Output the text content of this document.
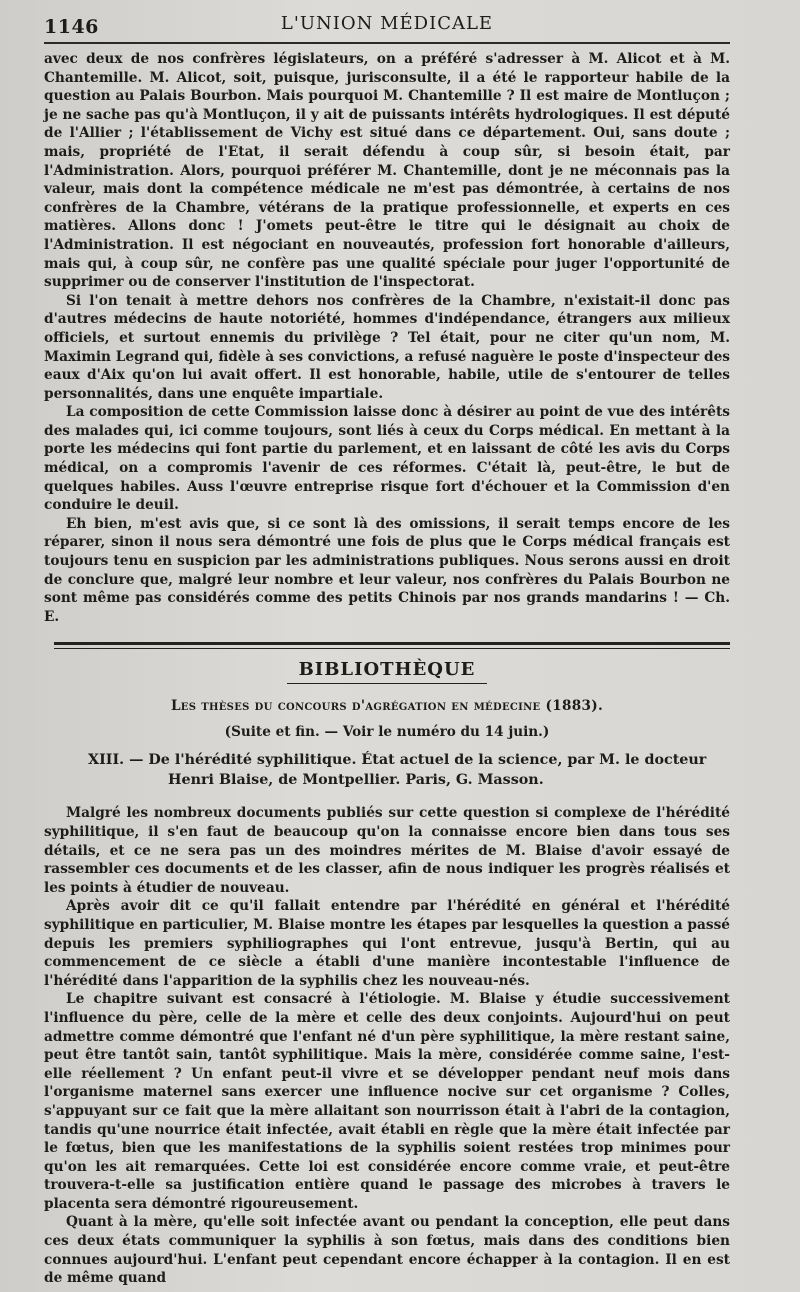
1146	L'UNION MÉDICALE

avec deux de nos confrères législateurs, on a préféré s'adresser à M. Alicot et à M. Chantemille. M. Alicot, soit, puisque, jurisconsulte, il a été le rapporteur habile de la question au Palais Bourbon. Mais pourquoi M. Chantemille ? Il est maire de Montluçon ; je ne sache pas qu'à Montluçon, il y ait de puissants intérêts hydrologiques. Il est député de l'Allier ; l'établissement de Vichy est situé dans ce département. Oui, sans doute ; mais, propriété de l'Etat, il serait défendu à coup sûr, si besoin était, par l'Administration. Alors, pourquoi préférer M. Chantemille, dont je ne méconnais pas la valeur, mais dont la compétence médicale ne m'est pas démontrée, à certains de nos confrères de la Chambre, vétérans de la pratique professionnelle, et experts en ces matières. Allons donc ! J'omets peut-être le titre qui le désignait au choix de l'Administration. Il est négociant en nouveautés, profession fort honorable d'ailleurs, mais qui, à coup sûr, ne confère pas une qualité spéciale pour juger l'opportunité de supprimer ou de conserver l'institution de l'inspectorat.

Si l'on tenait à mettre dehors nos confrères de la Chambre, n'existait-il donc pas d'autres médecins de haute notoriété, hommes d'indépendance, étrangers aux milieux officiels, et surtout ennemis du privilège ? Tel était, pour ne citer qu'un nom, M. Maximin Legrand qui, fidèle à ses convictions, a refusé naguère le poste d'inspecteur des eaux d'Aix qu'on lui avait offert. Il est honorable, habile, utile de s'entourer de telles personnalités, dans une enquête impartiale.

La composition de cette Commission laisse donc à désirer au point de vue des intérêts des malades qui, ici comme toujours, sont liés à ceux du Corps médical. En mettant à la porte les médecins qui font partie du parlement, et en laissant de côté les avis du Corps médical, on a compromis l'avenir de ces réformes. C'était là, peut-être, le but de quelques habiles. Auss l'œuvre entreprise risque fort d'échouer et la Commission d'en conduire le deuil.

Eh bien, m'est avis que, si ce sont là des omissions, il serait temps encore de les réparer, sinon il nous sera démontré une fois de plus que le Corps médical français est toujours tenu en suspicion par les administrations publiques. Nous serons aussi en droit de conclure que, malgré leur nombre et leur valeur, nos confrères du Palais Bourbon ne sont même pas considérés comme des petits Chinois par nos grands mandarins ! — Ch. E.

BIBLIOTHÈQUE
Les thèses du concours d'agrégation en médecine (1883).
(Suite et fin. — Voir le numéro du 14 juin.)
XIII. — De l'hérédité syphilitique. État actuel de la science, par M. le docteur
Henri Blaise, de Montpellier. Paris, G. Masson.

Malgré les nombreux documents publiés sur cette question si complexe de l'hérédité syphilitique, il s'en faut de beaucoup qu'on la connaisse encore bien dans tous ses détails, et ce ne sera pas un des moindres mérites de M. Blaise d'avoir essayé de rassembler ces documents et de les classer, afin de nous indiquer les progrès réalisés et les points à étudier de nouveau.

Après avoir dit ce qu'il fallait entendre par l'hérédité en général et l'hérédité syphilitique en particulier, M. Blaise montre les étapes par lesquelles la question a passé depuis les premiers syphiliographes qui l'ont entrevue, jusqu'à Bertin, qui au commencement de ce siècle a établi d'une manière incontestable l'influence de l'hérédité dans l'apparition de la syphilis chez les nouveau-nés.

Le chapitre suivant est consacré à l'étiologie. M. Blaise y étudie successivement l'influence du père, celle de la mère et celle des deux conjoints. Aujourd'hui on peut admettre comme démontré que l'enfant né d'un père syphilitique, la mère restant saine, peut être tantôt sain, tantôt syphilitique. Mais la mère, considérée comme saine, l'est-elle réellement ? Un enfant peut-il vivre et se développer pendant neuf mois dans l'organisme maternel sans exercer une influence nocive sur cet organisme ? Colles, s'appuyant sur ce fait que la mère allaitant son nourrisson était à l'abri de la contagion, tandis qu'une nourrice était infectée, avait établi en règle que la mère était infectée par le fœtus, bien que les manifestations de la syphilis soient restées trop minimes pour qu'on les ait remarquées. Cette loi est considérée encore comme vraie, et peut-être trouvera-t-elle sa justification entière quand le passage des microbes à travers le placenta sera démontré rigoureusement.

Quant à la mère, qu'elle soit infectée avant ou pendant la conception, elle peut dans ces deux états communiquer la syphilis à son fœtus, mais dans des conditions bien connues aujourd'hui. L'enfant peut cependant encore échapper à la contagion. Il en est de même quand
